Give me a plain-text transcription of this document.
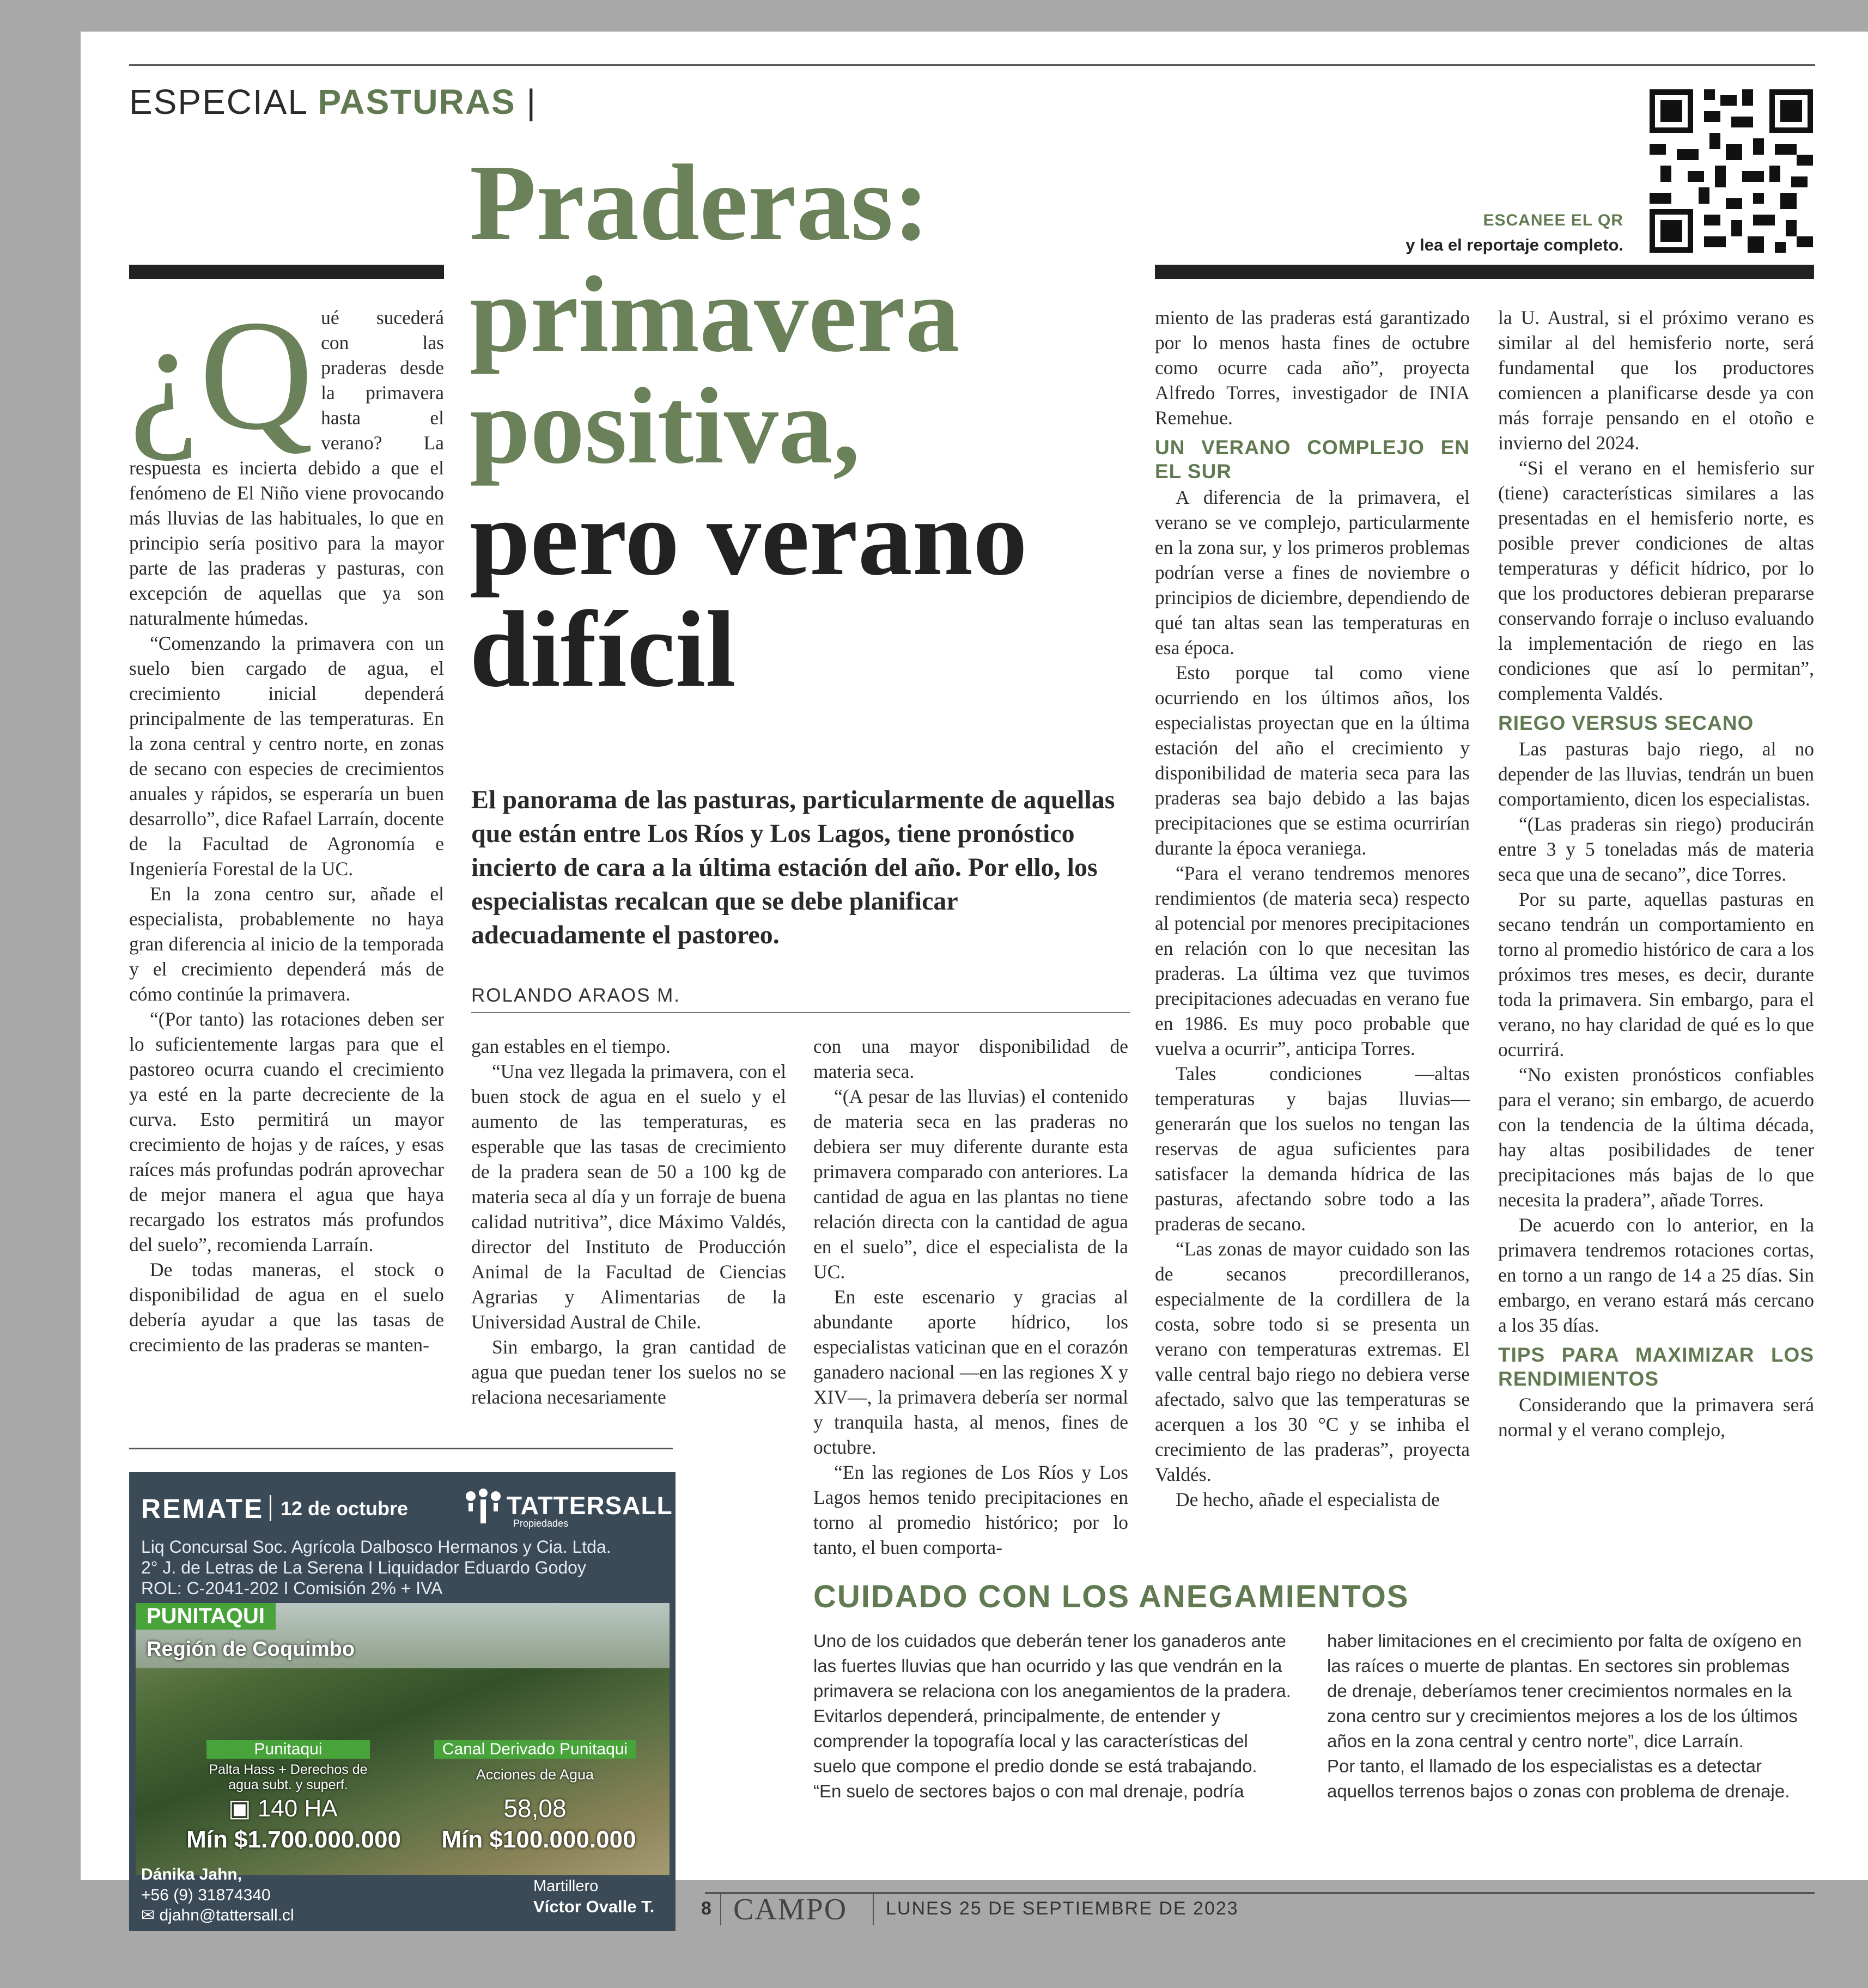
ESPECIAL PASTURAS |
ESCANEE EL QR
y lea el reportaje completo.
Praderas:
primavera
positiva,
pero verano
difícil
El panorama de las pasturas, particularmente de aquellas que están entre Los Ríos y Los Lagos, tiene pronóstico incierto de cara a la última estación del año. Por ello, los especialistas recalcan que se debe planificar adecuadamente el pastoreo.
ROLANDO ARAOS M.
¿Q ué sucederá con las praderas desde la primavera hasta el verano? La respuesta es incierta debido a que el fenómeno de El Niño viene provocando más lluvias de las habituales, lo que en principio sería positivo para la mayor parte de las praderas y pasturas, con excepción de aquellas que ya son naturalmente húmedas.

“Comenzando la primavera con un suelo bien cargado de agua, el crecimiento inicial dependerá principalmente de las temperaturas. En la zona central y centro norte, en zonas de secano con especies de crecimientos anuales y rápidos, se esperaría un buen desarrollo”, dice Rafael Larraín, docente de la Facultad de Agronomía e Ingeniería Forestal de la UC.

En la zona centro sur, añade el especialista, probablemente no haya gran diferencia al inicio de la temporada y el crecimiento dependerá más de cómo continúe la primavera.

“(Por tanto) las rotaciones deben ser lo suficientemente largas para que el pastoreo ocurra cuando el crecimiento ya esté en la parte decreciente de la curva. Esto permitirá un mayor crecimiento de hojas y de raíces, y esas raíces más profundas podrán aprovechar de mejor manera el agua que haya recargado los estratos más profundos del suelo”, recomienda Larraín.

De todas maneras, el stock o disponibilidad de agua en el suelo debería ayudar a que las tasas de crecimiento de las praderas se manten-

gan estables en el tiempo.

“Una vez llegada la primavera, con el buen stock de agua en el suelo y el aumento de las temperaturas, es esperable que las tasas de crecimiento de la pradera sean de 50 a 100 kg de materia seca al día y un forraje de buena calidad nutritiva”, dice Máximo Valdés, director del Instituto de Producción Animal de la Facultad de Ciencias Agrarias y Alimentarias de la Universidad Austral de Chile.

Sin embargo, la gran cantidad de agua que puedan tener los suelos no se relaciona necesariamente

con una mayor disponibilidad de materia seca.

“(A pesar de las lluvias) el contenido de materia seca en las praderas no debiera ser muy diferente durante esta primavera comparado con anteriores. La cantidad de agua en las plantas no tiene relación directa con la cantidad de agua en el suelo”, dice el especialista de la UC.

En este escenario y gracias al abundante aporte hídrico, los especialistas vaticinan que en el corazón ganadero nacional —en las regiones X y XIV—, la primavera debería ser normal y tranquila hasta, al menos, fines de octubre.

“En las regiones de Los Ríos y Los Lagos hemos tenido precipitaciones en torno al promedio histórico; por lo tanto, el buen comporta-

miento de las praderas está garantizado por lo menos hasta fines de octubre como ocurre cada año”, proyecta Alfredo Torres, investigador de INIA Remehue.

UN VERANO COMPLEJO EN EL SUR

A diferencia de la primavera, el verano se ve complejo, particularmente en la zona sur, y los primeros problemas podrían verse a fines de noviembre o principios de diciembre, dependiendo de qué tan altas sean las temperaturas en esa época.

Esto porque tal como viene ocurriendo en los últimos años, los especialistas proyectan que en la última estación del año el crecimiento y disponibilidad de materia seca para las praderas sea bajo debido a las bajas precipitaciones que se estima ocurrirían durante la época veraniega.

“Para el verano tendremos menores rendimientos (de materia seca) respecto al potencial por menores precipitaciones en relación con lo que necesitan las praderas. La última vez que tuvimos precipitaciones adecuadas en verano fue en 1986. Es muy poco probable que vuelva a ocurrir”, anticipa Torres.

Tales condiciones —altas temperaturas y bajas lluvias— generarán que los suelos no tengan las reservas de agua suficientes para satisfacer la demanda hídrica de las pasturas, afectando sobre todo a las praderas de secano.

“Las zonas de mayor cuidado son las de secanos precordilleranos, especialmente de la cordillera de la costa, sobre todo si se presenta un verano con temperaturas extremas. El valle central bajo riego no debiera verse afectado, salvo que las temperaturas se acerquen a los 30 °C y se inhiba el crecimiento de las praderas”, proyecta Valdés.

De hecho, añade el especialista de

la U. Austral, si el próximo verano es similar al del hemisferio norte, será fundamental que los productores comiencen a planificarse desde ya con más forraje pensando en el otoño e invierno del 2024.

“Si el verano en el hemisferio sur (tiene) características similares a las presentadas en el hemisferio norte, es posible prever condiciones de altas temperaturas y déficit hídrico, por lo que los productores debieran prepararse conservando forraje o incluso evaluando la implementación de riego en las condiciones que así lo permitan”, complementa Valdés.

RIEGO VERSUS SECANO

Las pasturas bajo riego, al no depender de las lluvias, tendrán un buen comportamiento, dicen los especialistas.

“(Las praderas sin riego) producirán entre 3 y 5 toneladas más de materia seca que una de secano”, dice Torres.

Por su parte, aquellas pasturas en secano tendrán un comportamiento en torno al promedio histórico de cara a los próximos tres meses, es decir, durante toda la primavera. Sin embargo, para el verano, no hay claridad de qué es lo que ocurrirá.

“No existen pronósticos confiables para el verano; sin embargo, de acuerdo con la tendencia de la última década, hay altas posibilidades de tener precipitaciones más bajas de lo que necesita la pradera”, añade Torres.

De acuerdo con lo anterior, en la primavera tendremos rotaciones cortas, en torno a un rango de 14 a 25 días. Sin embargo, en verano estará más cercano a los 35 días.

TIPS PARA MAXIMIZAR LOS RENDIMIENTOS

Considerando que la primavera será normal y el verano complejo,

CUIDADO CON LOS ANEGAMIENTOS

Uno de los cuidados que deberán tener los ganaderos ante las fuertes lluvias que han ocurrido y las que vendrán en la primavera se relaciona con los anegamientos de la pradera.

Evitarlos dependerá, principalmente, de entender y comprender la topografía local y las características del suelo que compone el predio donde se está trabajando.

“En suelo de sectores bajos o con mal drenaje, podría

haber limitaciones en el crecimiento por falta de oxígeno en las raíces o muerte de plantas. En sectores sin problemas de drenaje, deberíamos tener crecimientos normales en la zona centro sur y crecimientos mejores a los de los últimos años en la zona central y centro norte”, dice Larraín.

Por tanto, el llamado de los especialistas es a detectar aquellos terrenos bajos o zonas con problema de drenaje.

REMATE 12 de octubre	TATTERSALL
Propiedades
Liq Concursal Soc. Agrícola Dalbosco Hermanos y Cia. Ltda.
2° J. de Letras de La Serena I Liquidador Eduardo Godoy
ROL: C-2041-202 I Comisión 2% + IVA
PUNITAQUI
Región de Coquimbo
Punitaqui
Palta Hass + Derechos de
agua subt. y superf.
▣ 140 HA
Mín $1.700.000.000
Canal Derivado Punitaqui
Acciones de Agua
58,08
Mín $100.000.000
Dánika Jahn,
+56 (9) 31874340
✉ djahn@tattersall.cl
Martillero
Víctor Ovalle T.	8 CAMPO LUNES 25 DE SEPTIEMBRE DE 2023
